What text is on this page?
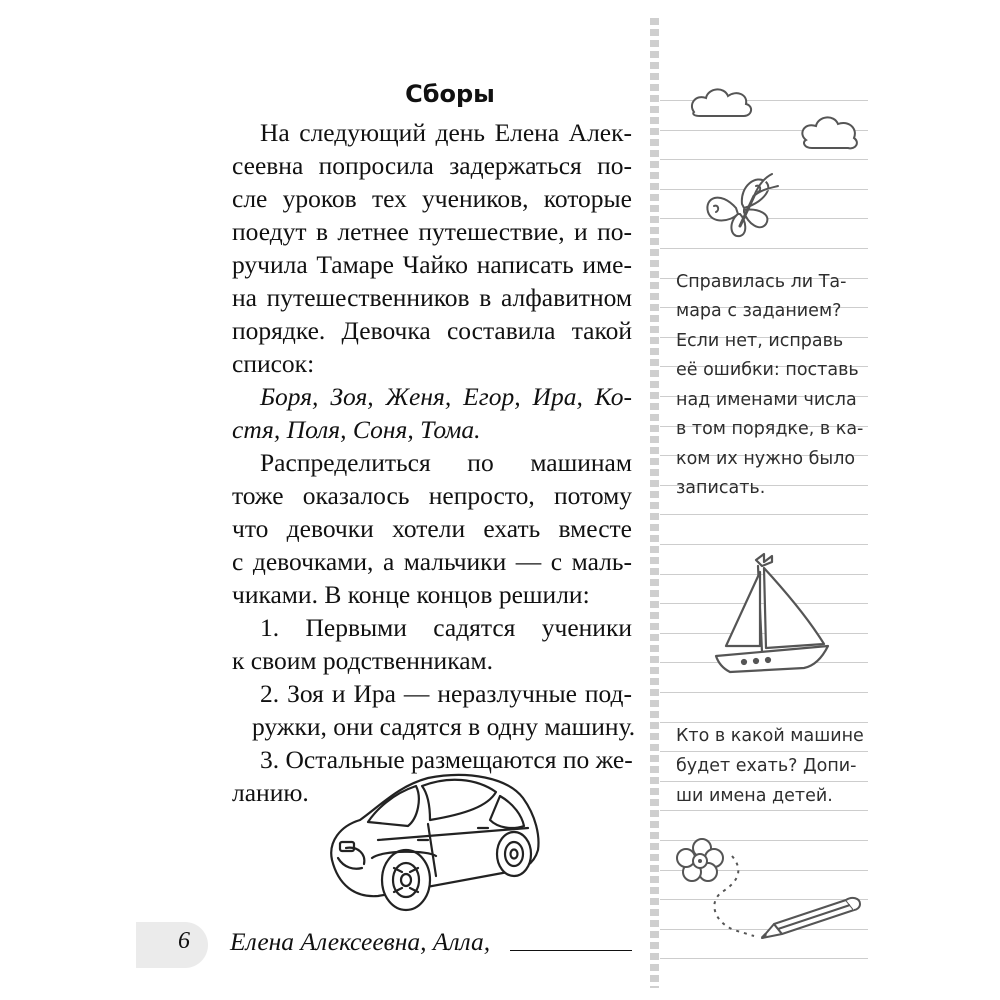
Сборы
На следующий день Елена Алек-
сеевна попросила задержаться по-
сле уроков тех учеников, которые
поедут в летнее путешествие, и по-
ручила Тамаре Чайко написать име-
на путешественников в алфавитном
порядке. Девочка составила такой
список:
Боря, Зоя, Женя, Егор, Ира, Ко-
стя, Поля, Соня, Тома.
Распределиться по машинам
тоже оказалось непросто, потому
что девочки хотели ехать вместе
с девочками, а мальчики — с маль-
чиками. В конце концов решили:
1. Первыми садятся ученики
к своим родственникам.
2. Зоя и Ира — неразлучные под-
ружки, они садятся в одну машину.
3. Остальные размещаются по же-
ланию.
6 Елена Алексеевна, Алла,
Справилась ли Та-
мара с заданием?
Если нет, исправь
её ошибки: поставь
над именами числа
в том порядке, в ка-
ком их нужно было
записать.
Кто в какой машине
будет ехать? Допи-
ши имена детей.
